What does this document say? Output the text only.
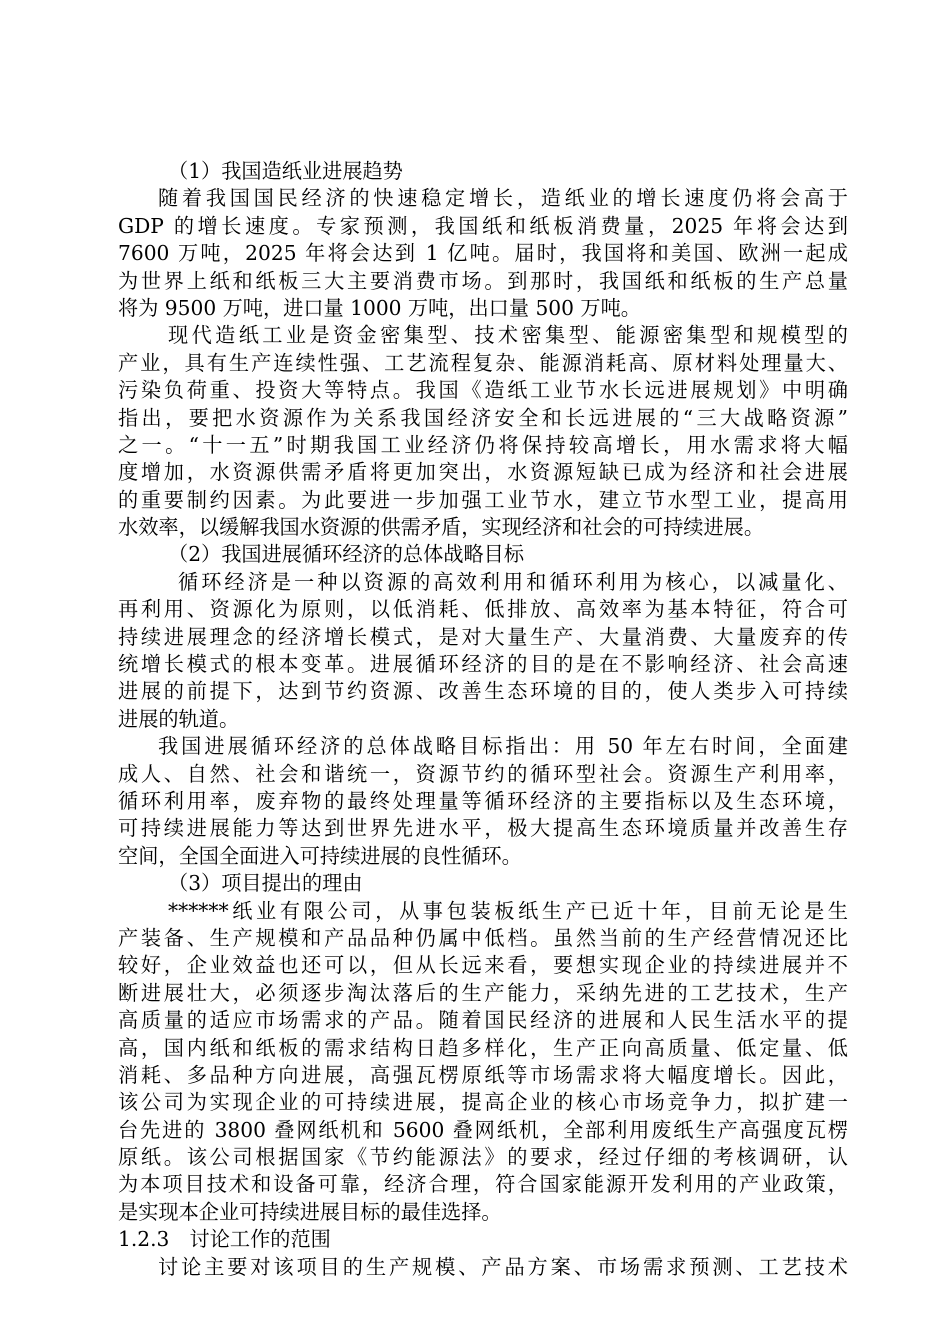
（1）我国造纸业进展趋势
随着我国国民经济的快速稳定增长，造纸业的增长速度仍将会高于
GDP 的增长速度。专家预测，我国纸和纸板消费量，2025 年将会达到
7600 万吨，2025 年将会达到 1 亿吨。届时，我国将和美国、欧洲一起成
为世界上纸和纸板三大主要消费市场。到那时，我国纸和纸板的生产总量
将为 9500 万吨，进口量 1000 万吨，出口量 500 万吨。
现代造纸工业是资金密集型、技术密集型、能源密集型和规模型的
产业，具有生产连续性强、工艺流程复杂、能源消耗高、原材料处理量大、
污染负荷重、投资大等特点。我国《造纸工业节水长远进展规划》中明确
指出，要把水资源作为关系我国经济安全和长远进展的“三大战略资源”
之一。“十一五”时期我国工业经济仍将保持较高增长，用水需求将大幅
度增加，水资源供需矛盾将更加突出，水资源短缺已成为经济和社会进展
的重要制约因素。为此要进一步加强工业节水，建立节水型工业，提高用
水效率，以缓解我国水资源的供需矛盾，实现经济和社会的可持续进展。
（2）我国进展循环经济的总体战略目标
循环经济是一种以资源的高效利用和循环利用为核心，以减量化、
再利用、资源化为原则，以低消耗、低排放、高效率为基本特征，符合可
持续进展理念的经济增长模式，是对大量生产、大量消费、大量废弃的传
统增长模式的根本变革。进展循环经济的目的是在不影响经济、社会高速
进展的前提下，达到节约资源、改善生态环境的目的，使人类步入可持续
进展的轨道。
我国进展循环经济的总体战略目标指出：用 50 年左右时间，全面建
成人、自然、社会和谐统一，资源节约的循环型社会。资源生产利用率，
循环利用率，废弃物的最终处理量等循环经济的主要指标以及生态环境，
可持续进展能力等达到世界先进水平，极大提高生态环境质量并改善生存
空间，全国全面进入可持续进展的良性循环。
（3）项目提出的理由
******纸业有限公司，从事包装板纸生产已近十年，目前无论是生
产装备、生产规模和产品品种仍属中低档。虽然当前的生产经营情况还比
较好，企业效益也还可以，但从长远来看，要想实现企业的持续进展并不
断进展壮大，必须逐步淘汰落后的生产能力，采纳先进的工艺技术，生产
高质量的适应市场需求的产品。随着国民经济的进展和人民生活水平的提
高，国内纸和纸板的需求结构日趋多样化，生产正向高质量、低定量、低
消耗、多品种方向进展，高强瓦楞原纸等市场需求将大幅度增长。因此，
该公司为实现企业的可持续进展，提高企业的核心市场竞争力，拟扩建一
台先进的 3800 叠网纸机和 5600 叠网纸机，全部利用废纸生产高强度瓦楞
原纸。该公司根据国家《节约能源法》的要求，经过仔细的考核调研，认
为本项目技术和设备可靠，经济合理，符合国家能源开发利用的产业政策，
是实现本企业可持续进展目标的最佳选择。
1.2.3　讨论工作的范围
讨论主要对该项目的生产规模、产品方案、市场需求预测、工艺技术
